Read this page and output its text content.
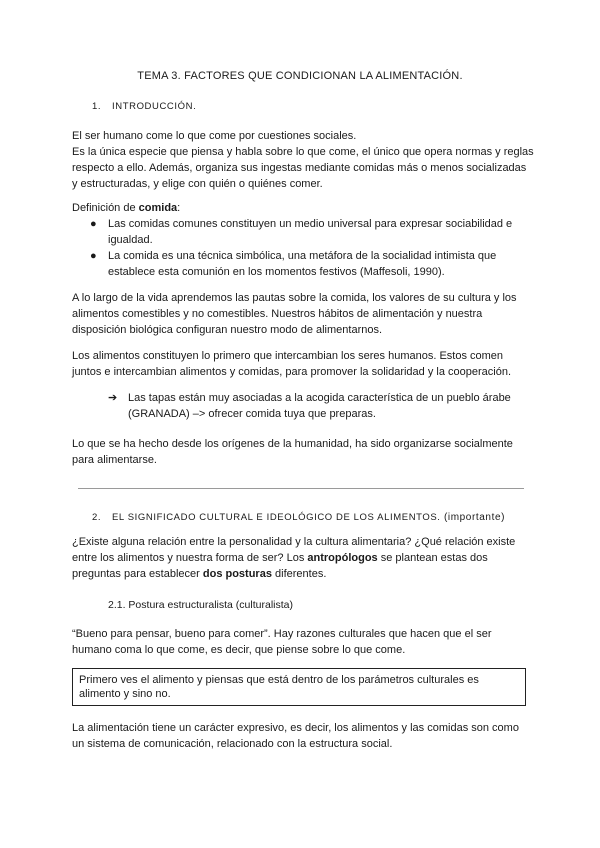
TEMA 3. FACTORES QUE CONDICIONAN LA ALIMENTACIÓN.
1. INTRODUCCIÓN.
El ser humano come lo que come por cuestiones sociales.
Es la única especie que piensa y habla sobre lo que come, el único que opera normas y reglas respecto a ello. Además, organiza sus ingestas mediante comidas más o menos socializadas y estructuradas, y elige con quién o quiénes comer.
Definición de comida:
● Las comidas comunes constituyen un medio universal para expresar sociabilidad e igualdad.
● La comida es una técnica simbólica, una metáfora de la socialidad intimista que establece esta comunión en los momentos festivos (Maffesoli, 1990).
A lo largo de la vida aprendemos las pautas sobre la comida, los valores de su cultura y los alimentos comestibles y no comestibles. Nuestros hábitos de alimentación y nuestra disposición biológica configuran nuestro modo de alimentarnos.
Los alimentos constituyen lo primero que intercambian los seres humanos. Estos comen juntos e intercambian alimentos y comidas, para promover la solidaridad y la cooperación.
➔ Las tapas están muy asociadas a la acogida característica de un pueblo árabe (GRANADA) –> ofrecer comida tuya que preparas.
Lo que se ha hecho desde los orígenes de la humanidad, ha sido organizarse socialmente para alimentarse.
2. EL SIGNIFICADO CULTURAL E IDEOLÓGICO DE LOS ALIMENTOS. (importante)
¿Existe alguna relación entre la personalidad y la cultura alimentaria? ¿Qué relación existe entre los alimentos y nuestra forma de ser? Los antropólogos se plantean estas dos preguntas para establecer dos posturas diferentes.
2.1. Postura estructuralista (culturalista)
“Bueno para pensar, bueno para comer”. Hay razones culturales que hacen que el ser humano coma lo que come, es decir, que piense sobre lo que come.
Primero ves el alimento y piensas que está dentro de los parámetros culturales es alimento y sino no.
La alimentación tiene un carácter expresivo, es decir, los alimentos y las comidas son como un sistema de comunicación, relacionado con la estructura social.
